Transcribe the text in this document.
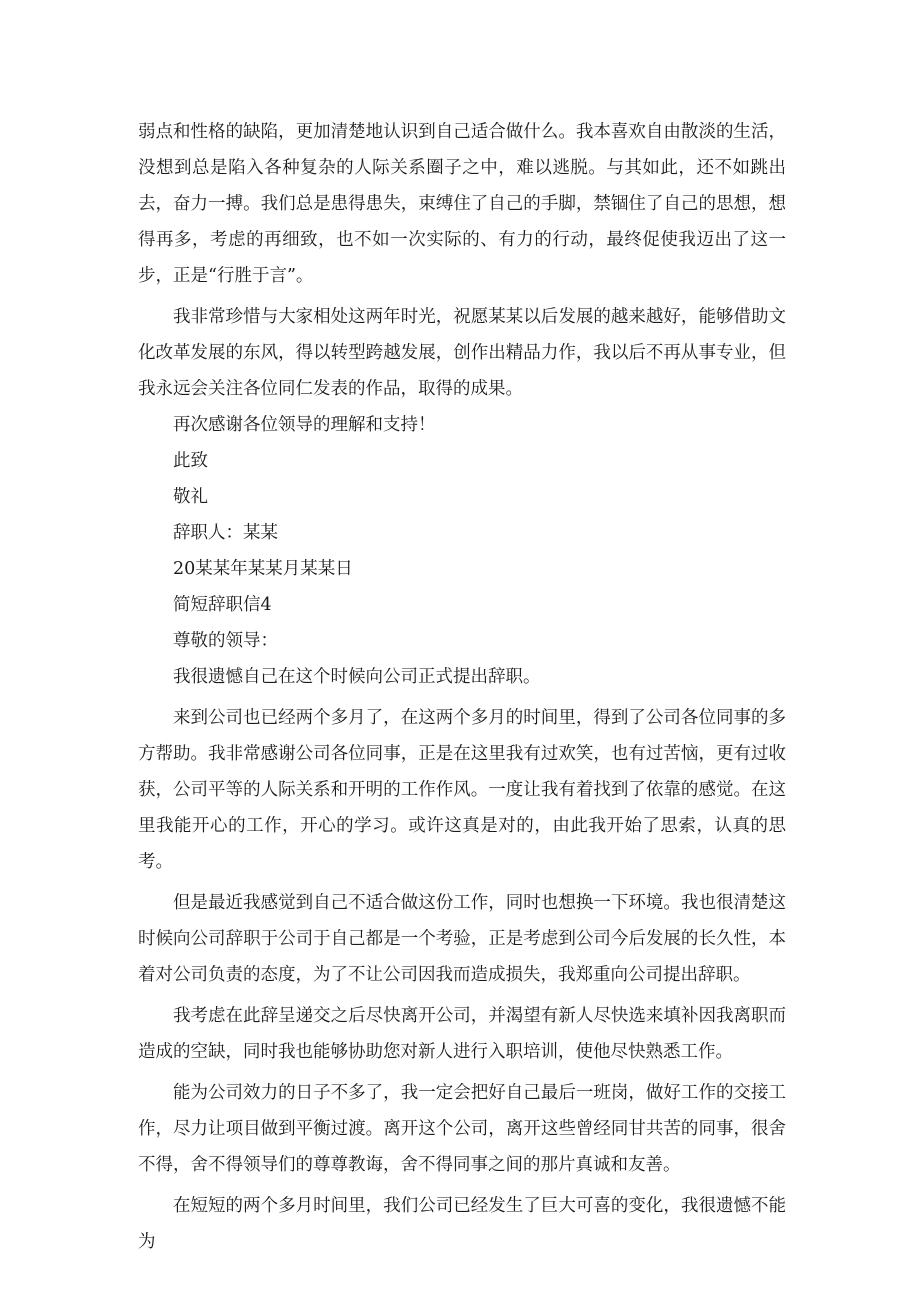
弱点和性格的缺陷，更加清楚地认识到自己适合做什么。我本喜欢自由散淡的生活，没想到总是陷入各种复杂的人际关系圈子之中，难以逃脱。与其如此，还不如跳出去，奋力一搏。我们总是患得患失，束缚住了自己的手脚，禁锢住了自己的思想，想得再多，考虑的再细致，也不如一次实际的、有力的行动，最终促使我迈出了这一步，正是“行胜于言”。

我非常珍惜与大家相处这两年时光，祝愿某某以后发展的越来越好，能够借助文化改革发展的东风，得以转型跨越发展，创作出精品力作，我以后不再从事专业，但我永远会关注各位同仁发表的作品，取得的成果。

再次感谢各位领导的理解和支持！

此致

敬礼

辞职人：某某

20某某年某某月某某日

简短辞职信4

尊敬的领导：

我很遗憾自己在这个时候向公司正式提出辞职。

来到公司也已经两个多月了，在这两个多月的时间里，得到了公司各位同事的多方帮助。我非常感谢公司各位同事，正是在这里我有过欢笑，也有过苦恼，更有过收获，公司平等的人际关系和开明的工作作风。一度让我有着找到了依靠的感觉。在这里我能开心的工作，开心的学习。或许这真是对的，由此我开始了思索，认真的思考。

但是最近我感觉到自己不适合做这份工作，同时也想换一下环境。我也很清楚这时候向公司辞职于公司于自己都是一个考验，正是考虑到公司今后发展的长久性，本着对公司负责的态度，为了不让公司因我而造成损失，我郑重向公司提出辞职。

我考虑在此辞呈递交之后尽快离开公司，并渴望有新人尽快选来填补因我离职而造成的空缺，同时我也能够协助您对新人进行入职培训，使他尽快熟悉工作。

能为公司效力的日子不多了，我一定会把好自己最后一班岗，做好工作的交接工作，尽力让项目做到平衡过渡。离开这个公司，离开这些曾经同甘共苦的同事，很舍不得，舍不得领导们的尊尊教诲，舍不得同事之间的那片真诚和友善。

在短短的两个多月时间里，我们公司已经发生了巨大可喜的变化，我很遗憾不能为
